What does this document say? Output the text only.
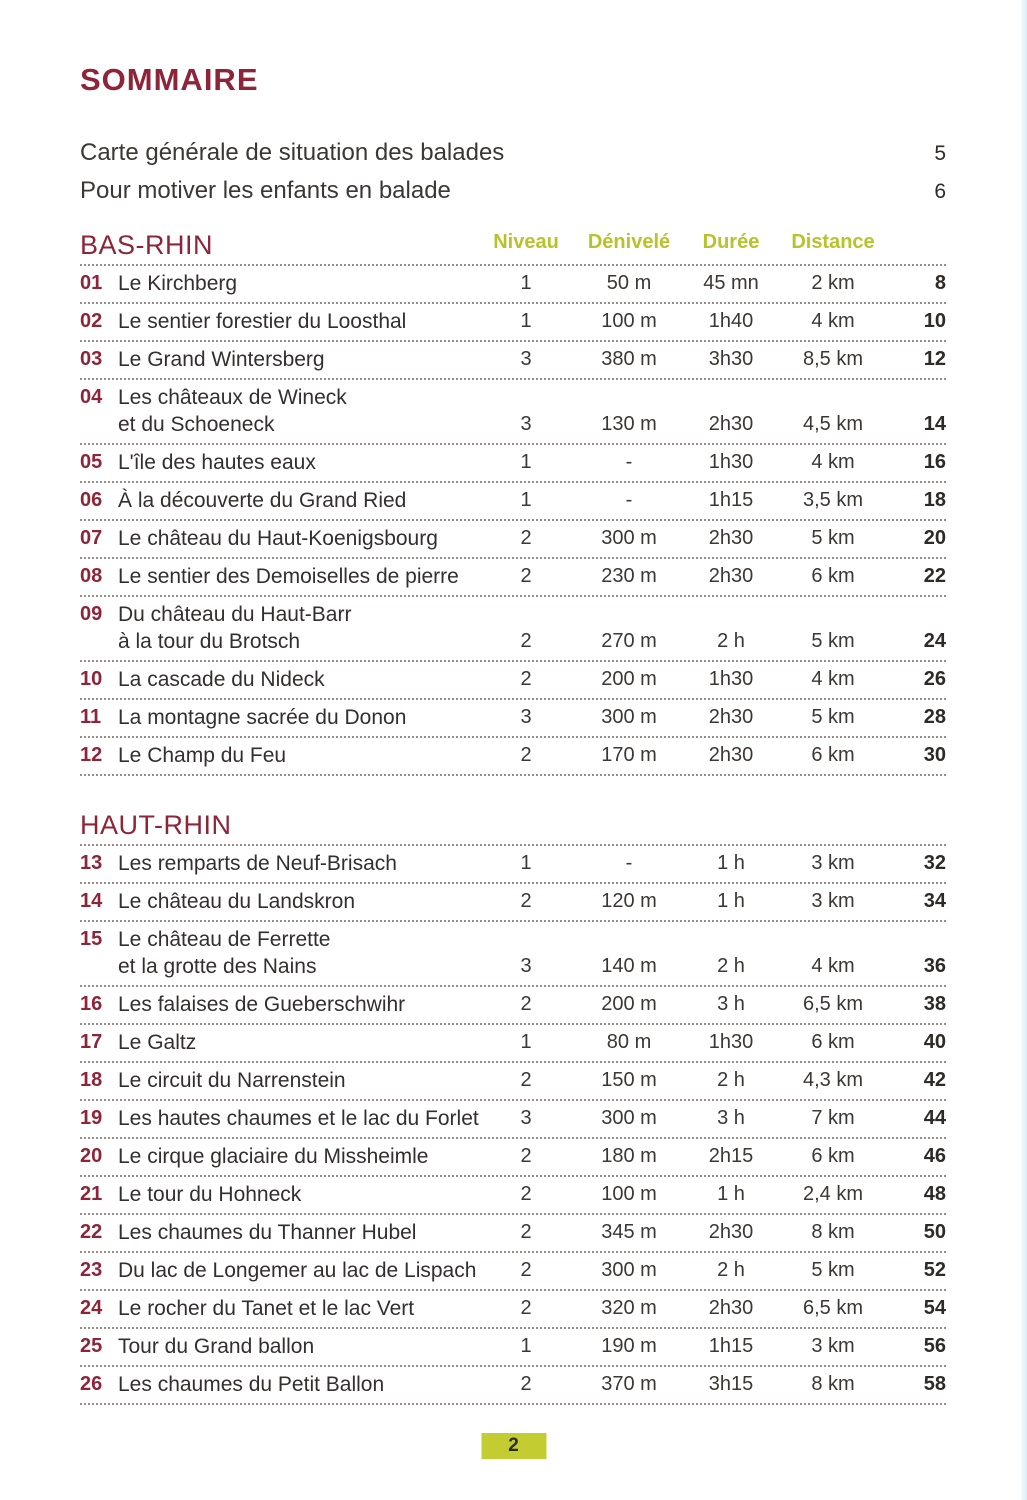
SOMMAIRE
Carte générale de situation des balades	5
Pour motiver les enfants en balade	6
BAS-RHIN	Niveau	Dénivelé	Durée	Distance
01 Le Kirchberg	1	50 m	45 mn	2 km	8
02 Le sentier forestier du Loosthal	1	100 m	1h40	4 km	10
03 Le Grand Wintersberg	3	380 m	3h30	8,5 km	12
04 Les châteaux de Wineck
et du Schoeneck	3	130 m	2h30	4,5 km	14
05 L'île des hautes eaux	1	-	1h30	4 km	16
06 À la découverte du Grand Ried	1	-	1h15	3,5 km	18
07 Le château du Haut-Koenigsbourg	2	300 m	2h30	5 km	20
08 Le sentier des Demoiselles de pierre	2	230 m	2h30	6 km	22
09 Du château du Haut-Barr
à la tour du Brotsch	2	270 m	2 h	5 km	24
10 La cascade du Nideck	2	200 m	1h30	4 km	26
11 La montagne sacrée du Donon	3	300 m	2h30	5 km	28
12 Le Champ du Feu	2	170 m	2h30	6 km	30
HAUT-RHIN
13 Les remparts de Neuf-Brisach	1	-	1 h	3 km	32
14 Le château du Landskron	2	120 m	1 h	3 km	34
15 Le château de Ferrette
et la grotte des Nains	3	140 m	2 h	4 km	36
16 Les falaises de Gueberschwihr	2	200 m	3 h	6,5 km	38
17 Le Galtz	1	80 m	1h30	6 km	40
18 Le circuit du Narrenstein	2	150 m	2 h	4,3 km	42
19 Les hautes chaumes et le lac du Forlet	3	300 m	3 h	7 km	44
20 Le cirque glaciaire du Missheimle	2	180 m	2h15	6 km	46
21 Le tour du Hohneck	2	100 m	1 h	2,4 km	48
22 Les chaumes du Thanner Hubel	2	345 m	2h30	8 km	50
23 Du lac de Longemer au lac de Lispach	2	300 m	2 h	5 km	52
24 Le rocher du Tanet et le lac Vert	2	320 m	2h30	6,5 km	54
25 Tour du Grand ballon	1	190 m	1h15	3 km	56
26 Les chaumes du Petit Ballon	2	370 m	3h15	8 km	58
2
